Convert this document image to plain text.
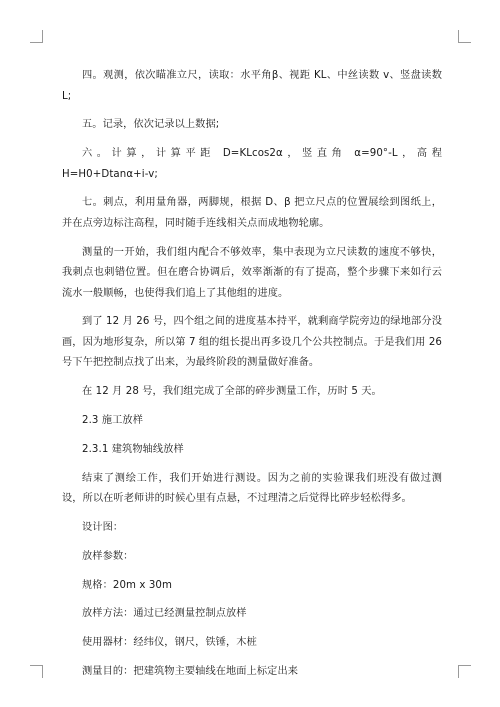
四。观测，依次瞄准立尺，读取：水平角β、视距 KL、中丝读数 v、竖盘读数 L;

五。记录，依次记录以上数据;

六。计算，计算平距 D=KLcos2α，竖直角 α=90°-L，高程 H=H0+Dtanα+i-v;

七。刺点，利用量角器，两脚规，根据 D、β 把立尺点的位置展绘到图纸上，并在点旁边标注高程，同时随手连线相关点而成地物轮廓。

测量的一开始，我们组内配合不够效率，集中表现为立尺读数的速度不够快，我刺点也刺错位置。但在磨合协调后，效率渐渐的有了提高，整个步骤下来如行云流水一般顺畅，也使得我们追上了其他组的进度。

到了 12 月 26 号，四个组之间的进度基本持平，就剩商学院旁边的绿地部分没画，因为地形复杂，所以第 7 组的组长提出再多设几个公共控制点。于是我们用 26 号下午把控制点找了出来，为最终阶段的测量做好准备。

在 12 月 28 号，我们组完成了全部的碎步测量工作，历时 5 天。

2.3 施工放样

2.3.1 建筑物轴线放样

结束了测绘工作，我们开始进行测设。因为之前的实验课我们班没有做过测设，所以在听老师讲的时候心里有点悬，不过理清之后觉得比碎步轻松得多。

设计图：

放样参数：

规格：20m x 30m

放样方法：通过已经测量控制点放样

使用器材：经纬仪，钢尺，铁锤，木桩

测量目的：把建筑物主要轴线在地面上标定出来
